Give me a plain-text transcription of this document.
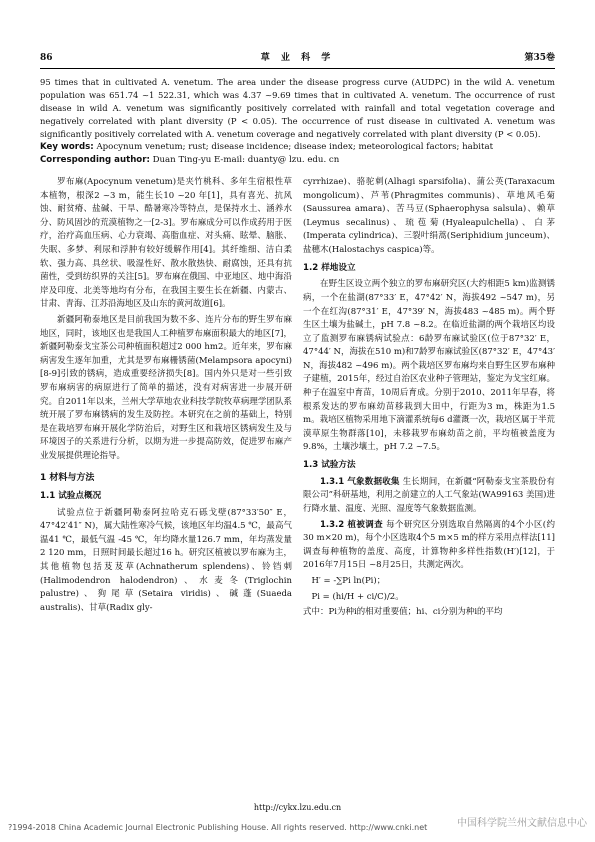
86	草 业 科 学	第35卷

95 times that in cultivated A. venetum. The area under the disease progress curve (AUDPC) in the wild A. venetum population was 651.74 ~1 522.31, which was 4.37 ~9.69 times that in cultivated A. venetum. The occurrence of rust disease in wild A. venetum was significantly positively correlated with rainfall and total vegetation coverage and negatively correlated with plant diversity (P < 0.05). The occurrence of rust disease in cultivated A. venetum was significantly positively correlated with A. venetum coverage and negatively correlated with plant diversity (P < 0.05).

Key words: Apocynum venetum; rust; disease incidence; disease index; meteorological factors; habitat

Corresponding author: Duan Ting-yu E-mail: duanty@ lzu. edu. cn

罗布麻(Apocynum venetum)是夹竹桃科、多年生宿根性草本植物，根深2 ~3 m，能生长10 ~20 年[1]，具有喜光、抗风蚀、耐贫瘠、盐碱、干旱、酷暑寒冷等特点，是保持水土、涵养水分、防风固沙的荒漠植物之一[2-3]。罗布麻成分可以作成药用于医疗，治疗高血压病、心力衰竭、高脂血症、对头痛、眩晕、脑胀、失眠、多梦、利尿和浮肿有较好缓解作用[4]。其纤维细、洁白柔软、强力高、具丝状、吸湿性好、散水散热快、耐腐蚀，还具有抗菌性，受到纺织界的关注[5]。罗布麻在俄国、中亚地区、地中海沿岸及印度、北美等地均有分布，在我国主要生长在新疆、内蒙古、甘肃、青海、江苏沿海地区及山东的黄河故道[6]。

新疆阿勒泰地区是目前我国为数不多、连片分布的野生罗布麻地区，同时，该地区也是我国人工种植罗布麻面积最大的地区[7]，新疆阿勒泰戈宝茶公司种植面积超过2 000 hm2。近年来，罗布麻病害发生逐年加重，尤其是罗布麻栅锈菌(Melampsora apocyni)[8-9]引致的锈病，造成重要经济损失[8]。国内外只是对一些引致罗布麻病害的病原进行了简单的描述，没有对病害进一步展开研究。自2011年以来，兰州大学草地农业科技学院牧草病理学团队系统开展了罗布麻锈病的发生及防控。本研究在之前的基础上，特别是在栽培罗布麻开展化学防治后，对野生区和栽培区锈病发生及与环境因子的关系进行分析，以期为进一步提高防效，促进罗布麻产业发展提供理论指导。

1 材料与方法
1.1 试验点概况

试验点位于新疆阿勒泰阿拉哈克石砾戈壁(87°33′50″ E，47°42′41″ N)，属大陆性寒冷气候，该地区年均温4.5 ℃，最高气温41 ℃，最低气温 -45 ℃，年均降水量126.7 mm，年均蒸发量2 120 mm，日照时间最长超过16 h。研究区植被以罗布麻为主，其他植物包括芨芨草(Achnatherum splendens)、铃铛刺(Halimodendron halodendron)、水麦冬(Triglochin palustre)、狗尾草(Setaira viridis)、碱蓬(Suaeda australis)、甘草(Radix gly-

cyrrhizae)、骆驼刺(Alhagi sparsifolia)、蒲公英(Taraxacum mongolicum)、芦苇(Phragmites communis)、草地风毛菊(Saussurea amara)、苦马豆(Sphaerophysa salsula)、赖草(Leymus secalinus)、琉苞菊(Hyaleapulchella)、白茅(Imperata cylindrica)、三裂叶绢蒿(Seriphidium junceum)、盐穗木(Halostachys caspica)等。

1.2 样地设立

在野生区设立两个独立的罗布麻研究区(大约相距5 km)监测锈病，一个在盐湖(87°33′ E，47°42′ N，海拔492 ~547 m)，另一个在红沟(87°31′ E，47°39′ N，海拔483 ~485 m)。两个野生区土壤为盐碱土，pH 7.8 ~8.2。在临近盐湖的两个栽培区均设立了监测罗布麻锈病试验点：6龄罗布麻试验区(位于87°32′ E，47°44′ N，海拔在510 m)和7龄罗布麻试验区(87°32′ E，47°43′ N，海拔482 ~496 m)。两个栽培区罗布麻均来自野生区罗布麻种子建植，2015年，经过自治区农业种子管理站，鉴定为戈宝红麻。种子在温室中育苗，10周后育成。分别于2010、2011年早春，将根系发达的罗布麻幼苗移栽到大田中，行距为3 m，株距为1.5 m。栽培区植物采用地下滴灌系统每6 d灌溉一次，栽培区属于半荒漠草原生物群落[10]，未移栽罗布麻幼苗之前，平均植被盖度为9.8%，土壤沙壤土，pH 7.2 ~7.5。

1.3 试验方法

1.3.1 气象数据收集 生长期间，在新疆“阿勒泰戈宝茶股份有限公司”科研基地，利用之前建立的人工气象站(WA99163 美国)进行降水量、温度、光照、湿度等气象数据监测。

1.3.2 植被调查 每个研究区分别选取自然隔离的4个小区(约30 m×20 m)，每个小区选取4个5 m×5 m的样方采用点样法[11]调查每种植物的盖度、高度，计算物种多样性指数(H′)[12]，于2016年7月15日 ~8月25日，共测定两次。

H′ = -∑Pi ln(Pi)；

Pi = (hi/H + ci/C)/2。

式中：Pi为种i的相对重要值；hi、ci分别为种i的平均

http://cykx.lzu.edu.cn
?1994-2018 China Academic Journal Electronic Publishing House. All rights reserved. http://www.cnki.net	中国科学院兰州文献信息中心
